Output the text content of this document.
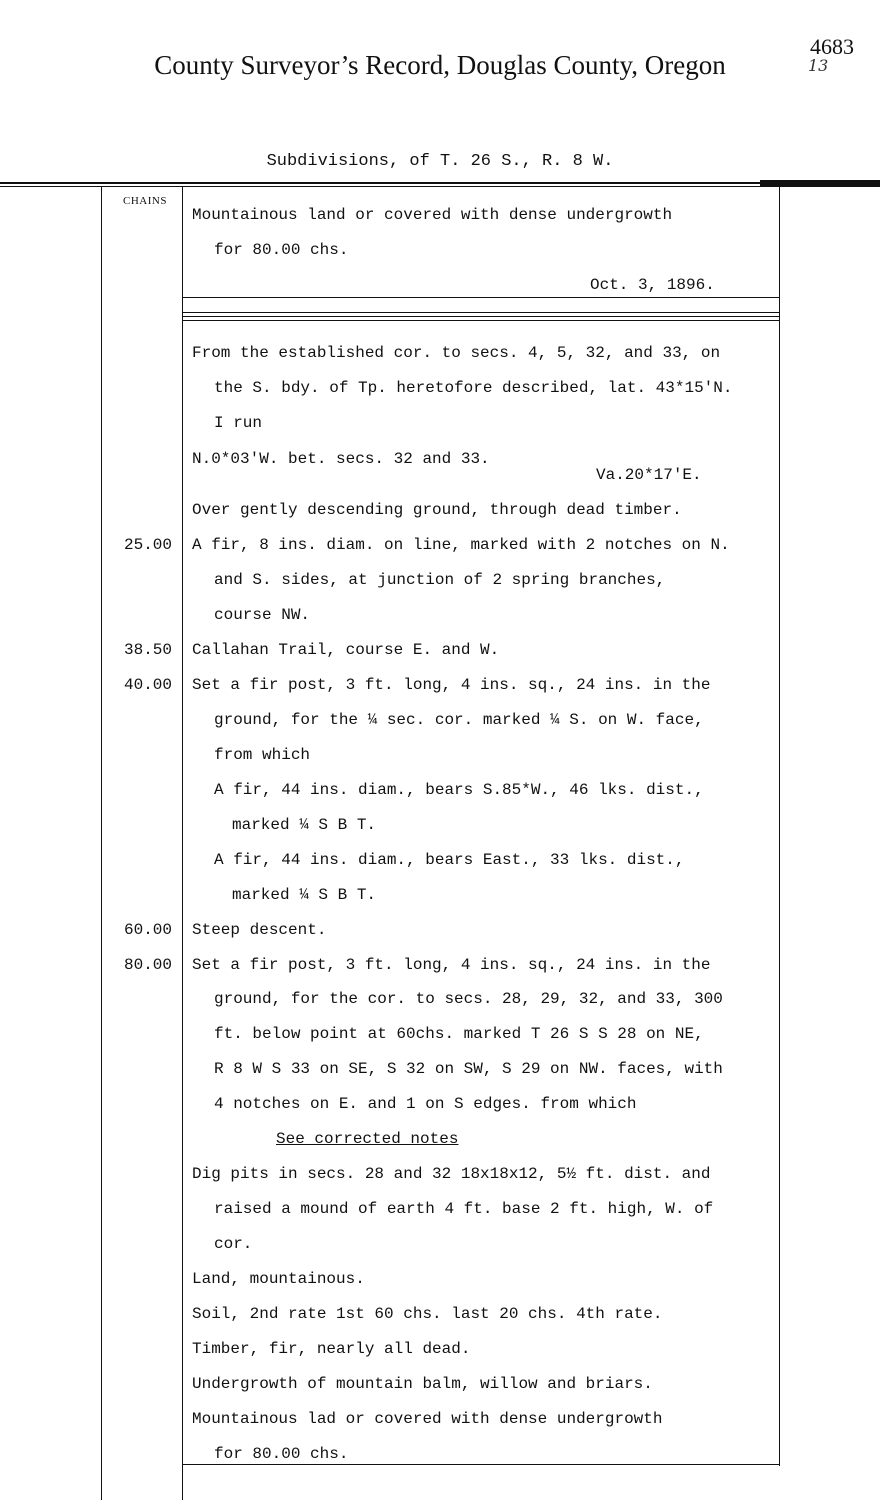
County Surveyor’s Record, Douglas County, Oregon
4683
13
Subdivisions, of T. 26 S., R. 8 W.
CHAINS
Mountainous land or covered with dense undergrowth
for 80.00 chs.
Oct. 3, 1896.
From the established cor. to secs. 4, 5, 32, and 33, on
the S. bdy. of Tp. heretofore described, lat. 43*15'N.
I run
N.0*03'W. bet. secs. 32 and 33.
Va.20*17'E.
Over gently descending ground, through dead timber.
25.00 A fir, 8 ins. diam. on line, marked with 2 notches on N.
and S. sides, at junction of 2 spring branches,
course NW.
38.50 Callahan Trail, course E. and W.
40.00 Set a fir post, 3 ft. long, 4 ins. sq., 24 ins. in the
ground, for the ¼ sec. cor. marked ¼ S. on W. face,
from which
A fir, 44 ins. diam., bears S.85*W., 46 lks. dist.,
marked ¼ S B T.
A fir, 44 ins. diam., bears East., 33 lks. dist.,
marked ¼ S B T.
60.00 Steep descent.
80.00 Set a fir post, 3 ft. long, 4 ins. sq., 24 ins. in the
ground, for the cor. to secs. 28, 29, 32, and 33, 300
ft. below point at 60chs. marked T 26 S S 28 on NE,
R 8 W S 33 on SE, S 32 on SW, S 29 on NW. faces, with
4 notches on E. and 1 on S edges. from which
See corrected notes
Dig pits in secs. 28 and 32 18x18x12, 5½ ft. dist. and
raised a mound of earth 4 ft. base 2 ft. high, W. of
cor.
Land, mountainous.
Soil, 2nd rate 1st 60 chs. last 20 chs. 4th rate.
Timber, fir, nearly all dead.
Undergrowth of mountain balm, willow and briars.
Mountainous lad or covered with dense undergrowth
for 80.00 chs.
